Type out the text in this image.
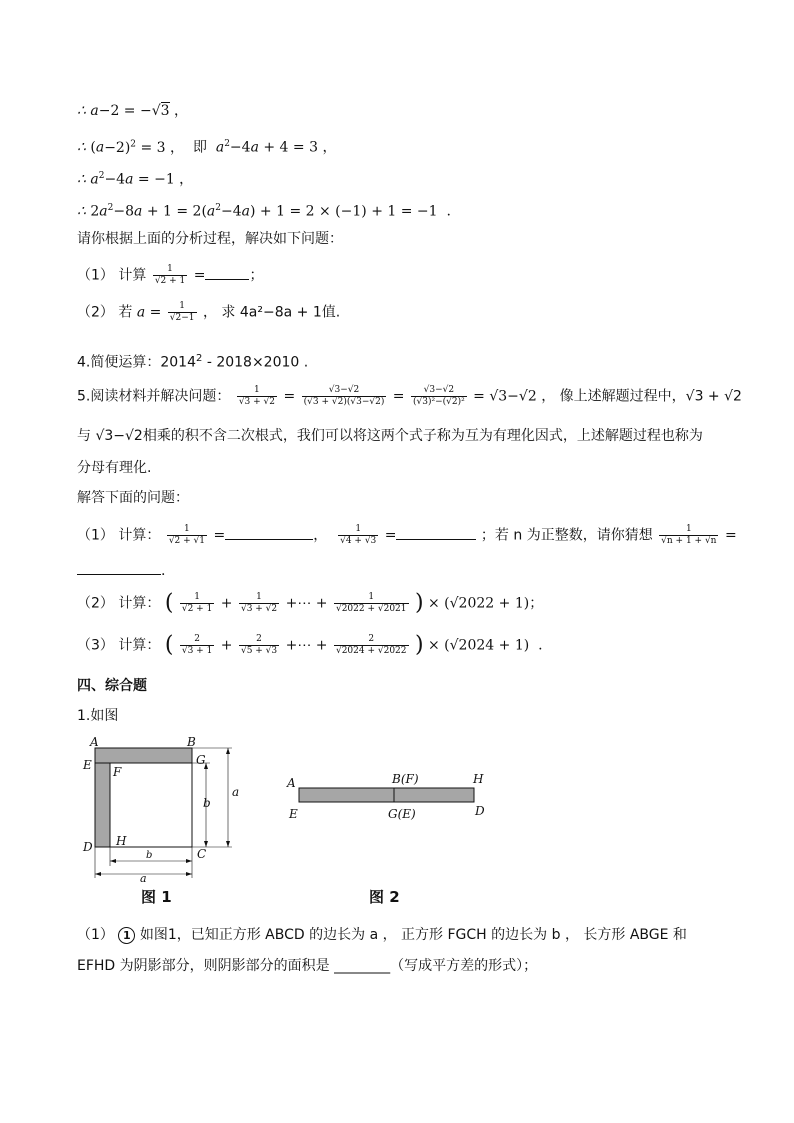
∴ a−2 = −√3 ，
∴ $(a-2)^2 = 3$ ， 即  $a^2-4a + 4 = 3$ ，
∴ $a^2-4a = -1$ ，
∴ $2a^2-8a + 1 = 2(a^2-4a) + 1 = 2 \times (-1) + 1 = -1$  .
请你根据上面的分析过程，解决如下问题：
（1） 计算 $\frac{1}{√2 + 1}$ =	；
（2） 若 $a = \frac{1}{√2-1}$ ， 求 4a²−8a + 1值.
4.简便运算：2014$^2$ - 2018×2010 .
5.阅读材料并解决问题： $\frac{1}{√3 + √2} = \frac{√3-√2}{(√3 + √2)(√3-√2)} = \frac{√3-√2}{\text{(√3)²−(√2)²}} = √3-√2$ ， 像上述解题过程中，√3 + √2
与 √3−√2相乘的积不含二次根式，我们可以将这两个式子称为互为有理化因式，上述解题过程也称为
分母有理化.
解答下面的问题：
（1） 计算： $\frac{1}{√2 + √1}$ =	， $\frac{1}{√4 + √3}$ =	；若 n 为正整数，请你猜想 $\frac{1}{√n + 1 + √n}$ =
.
（2） 计算： ( $\frac{1}{√2 + 1} + \frac{1}{√3 + √2}$ +⋯ + $\frac{1}{√2022 + √2021}$ ) × (√2022 + 1)；
（3） 计算： ( $\frac{2}{√3 + 1} + \frac{2}{√5 + √3}$ +⋯ + $\frac{2}{√2024 + √2022}$ ) × (√2024 + 1)  .
四、综合题
1.如图
A	B
E F
G
D H
C
a
b
b
a
图 1
A	B(F)	H
E	G(E)	D
图 2
（1） 1 如图1，已知正方形 ABCD 的边长为 a ， 正方形 FGCH 的边长为 b ， 长方形 ABGE 和
EFHD 为阴影部分，则阴影部分的面积是 ________（写成平方差的形式）；
